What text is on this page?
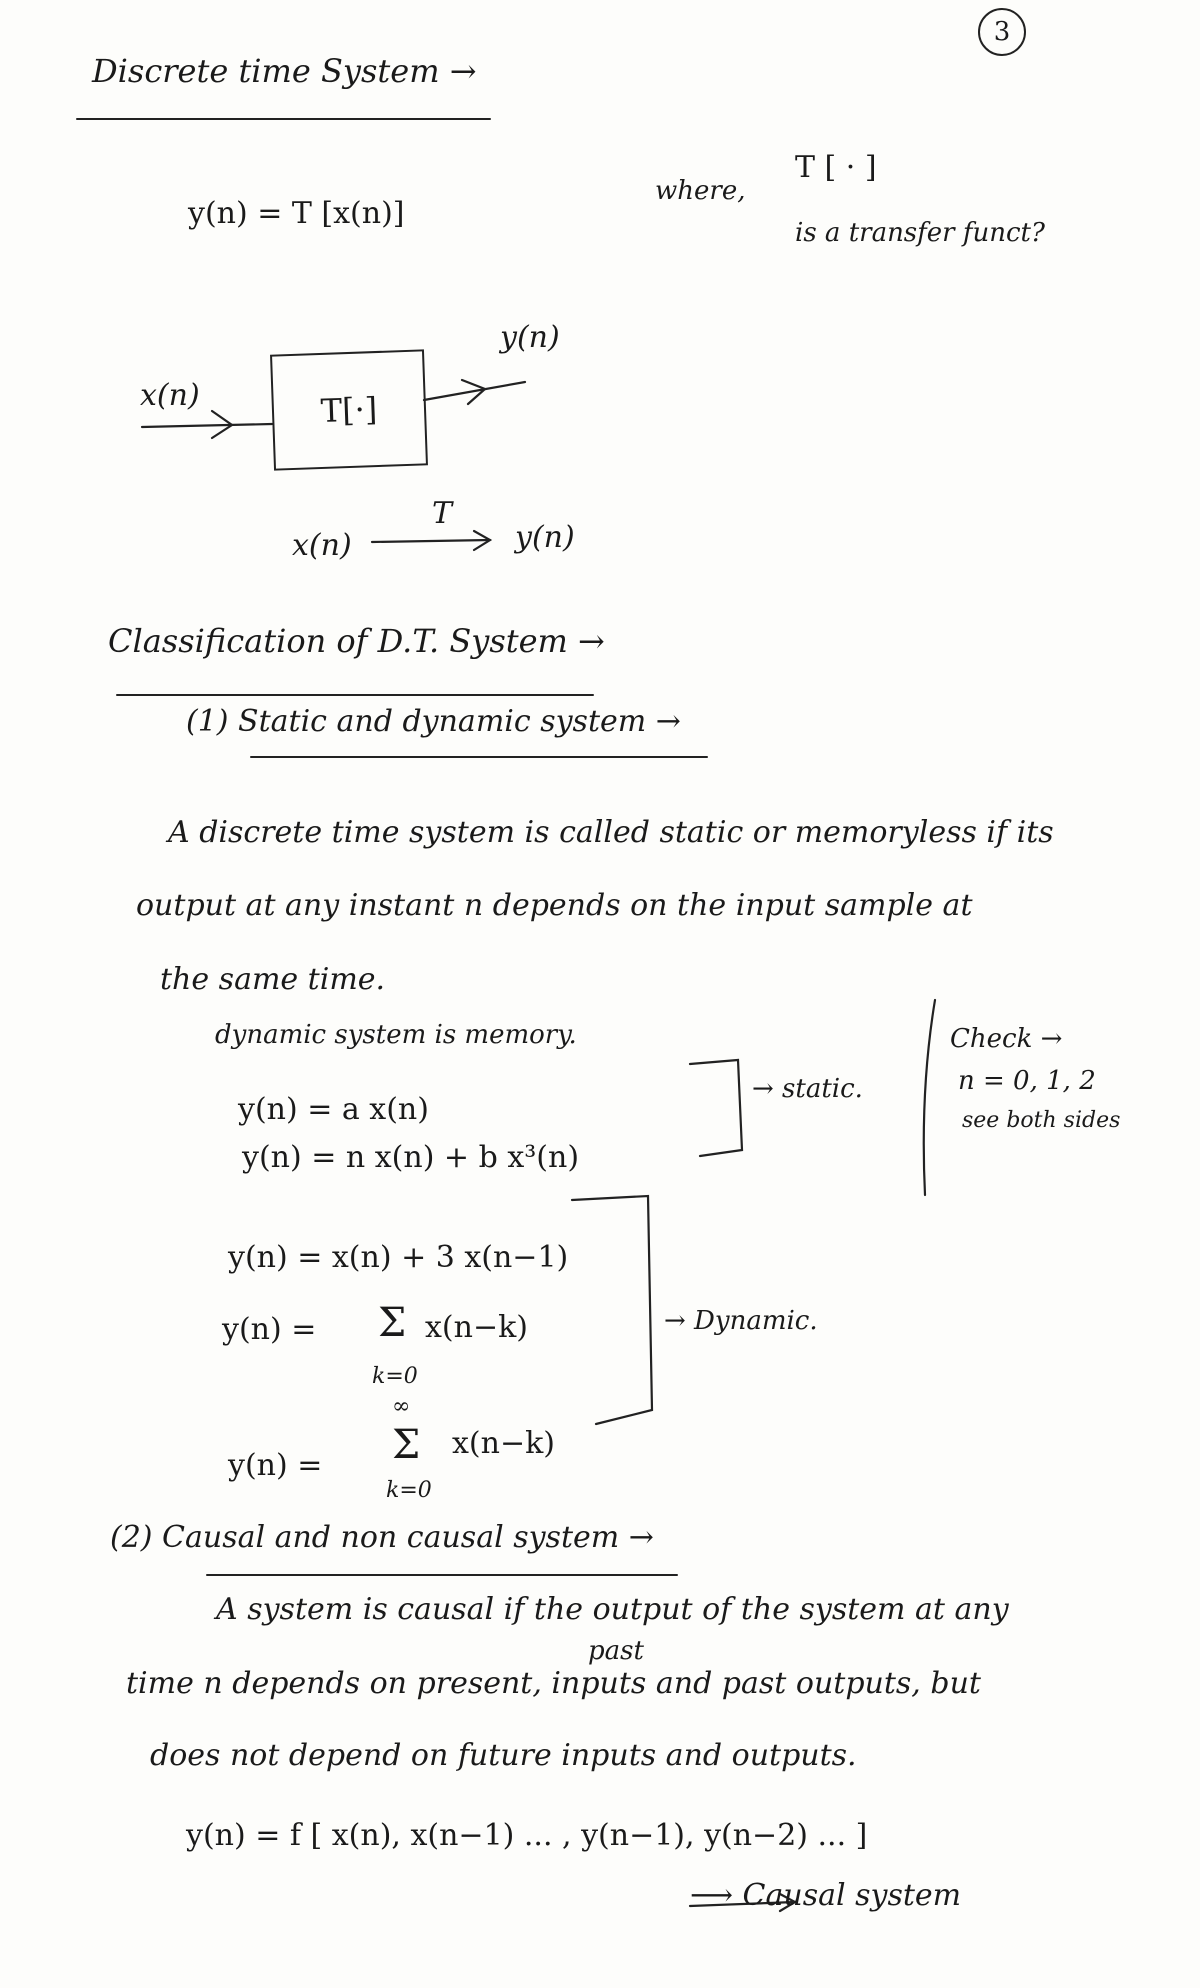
3
Discrete time System →
y(n) = T [x(n)]
where,
T [ · ]
is a transfer funct?
x(n)	T[·]
y(n)
x(n)
T
y(n)
Classification of D.T. System →
(1) Static and dynamic system →
A discrete time system is called static or memoryless if its
output at any instant n depends on the input sample at
the same time.
dynamic system is memory.
y(n) = a x(n)
y(n) = n x(n) + b x³(n)
→ static.
Check →
n = 0, 1, 2
see both sides
y(n) = x(n) + 3 x(n−1)
y(n) = Σ x(n−k)
k=0
∞
y(n) = Σ x(n−k)
k=0
→ Dynamic.
(2) Causal and non causal system →
A system is causal if the output of the system at any
past
time n depends on present, inputs and past outputs, but
does not depend on future inputs and outputs.
y(n) = f [ x(n), x(n−1) ... , y(n−1), y(n−2) ... ]
⟶ Causal system
